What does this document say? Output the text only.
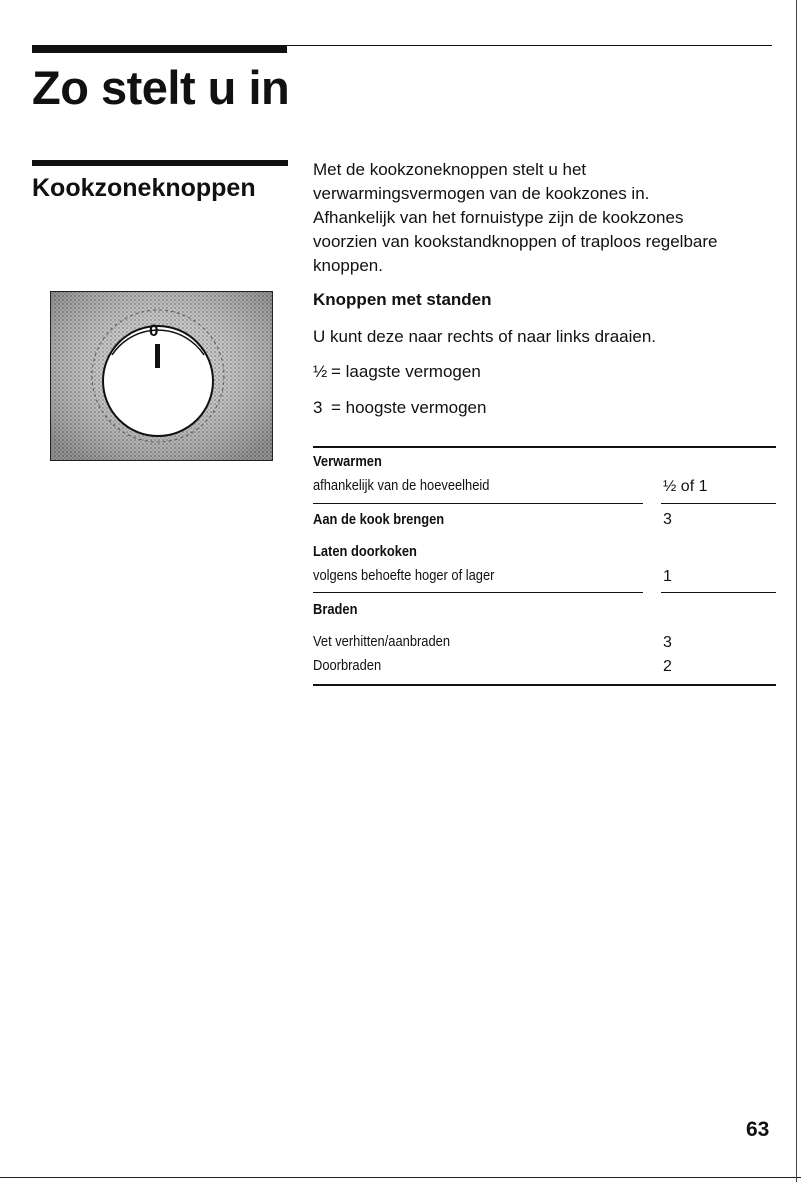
Zo stelt u in
Kookzoneknoppen
0
Met de kookzoneknoppen stelt u het
verwarmingsvermogen van de kookzones in.
Afhankelijk van het fornuistype zijn de kookzones
voorzien van kookstandknoppen of traploos regelbare
knoppen.
Knoppen met standen

U kunt deze naar rechts of naar links draaien.

½ = laagste vermogen

3 = hoogste vermogen

Verwarmen
afhankelijk van de hoeveelheid	½ of 1
Aan de kook brengen	3
Laten doorkoken
volgens behoefte hoger of lager	1
Braden
Vet verhitten/aanbraden	3
Doorbraden	2
63
